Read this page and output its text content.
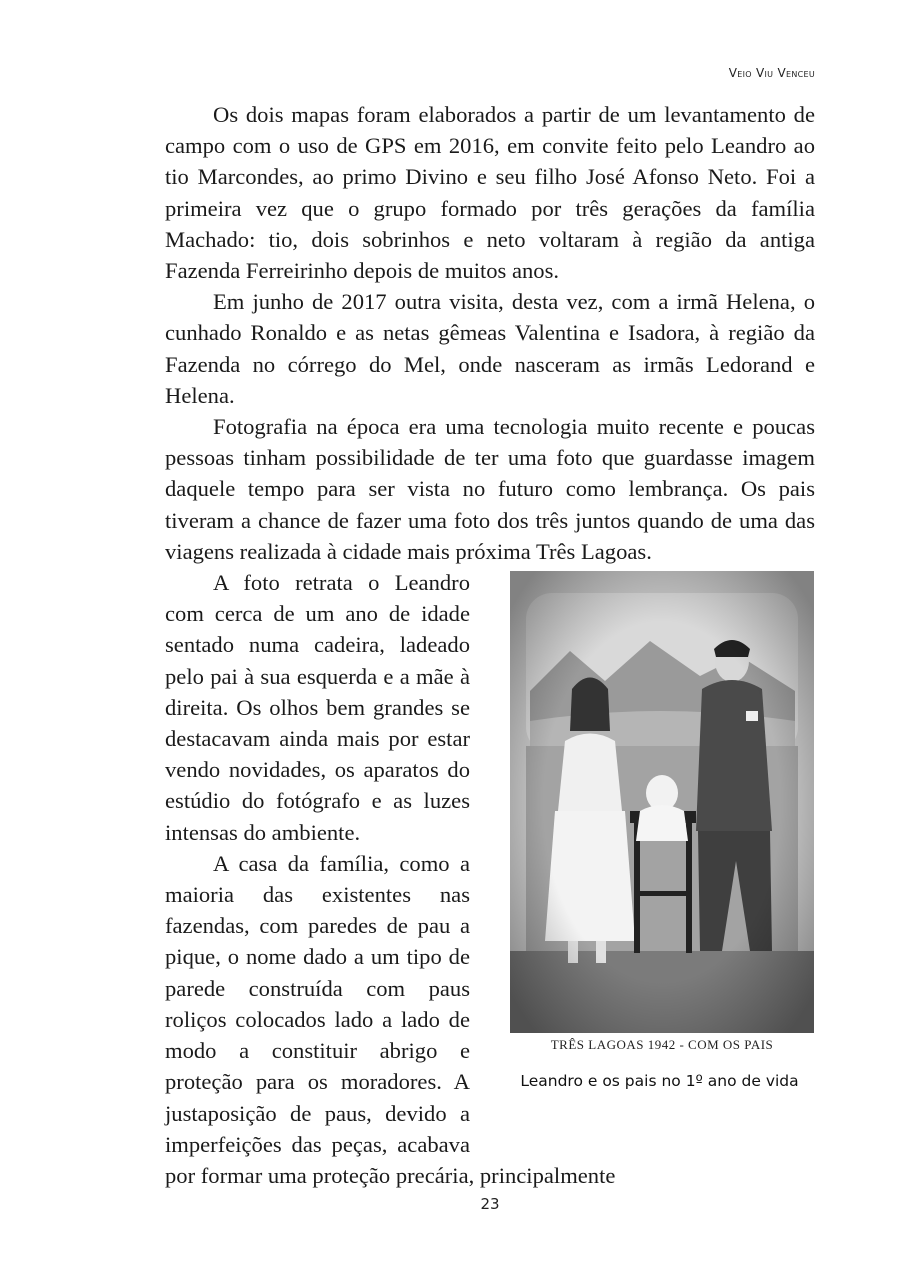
Veio Viu Venceu

Os dois mapas foram elaborados a partir de um levantamento de campo com o uso de GPS em 2016, em convite feito pelo Leandro ao tio Marcondes, ao primo Divino e seu filho José Afonso Neto. Foi a primeira vez que o grupo formado por três gerações da família Machado: tio, dois sobrinhos e neto voltaram à região da antiga Fazenda Ferreirinho depois de muitos anos.

Em junho de 2017 outra visita, desta vez, com a irmã Helena, o cunhado Ronaldo e as netas gêmeas Valentina e Isadora, à região da Fazenda no córrego do Mel, onde nasceram as irmãs Ledorand e Helena.

Fotografia na época era uma tecnologia muito recente e poucas pessoas tinham possibilidade de ter uma foto que guardasse imagem daquele tempo para ser vista no futuro como lembrança. Os pais tiveram a chance de fazer uma foto dos três juntos quando de uma das viagens realizada à cidade mais próxima Três Lagoas.

TRÊS LAGOAS 1942 - COM OS PAIS
Leandro e os pais no 1º ano de vida

A foto retrata o Leandro com cerca de um ano de idade sentado numa cadeira, ladeado pelo pai à sua esquerda e a mãe à direita. Os olhos bem grandes se destacavam ainda mais por estar vendo novidades, os aparatos do estúdio do fotógrafo e as luzes intensas do ambiente.

A casa da família, como a maioria das existentes nas fazendas, com paredes de pau a pique, o nome dado a um tipo de parede construída com paus roliços colocados lado a lado de modo a constituir abrigo e proteção para os moradores. A justaposição de paus, devido a imperfeições das peças, acabava por formar uma proteção precária, principalmente

23
